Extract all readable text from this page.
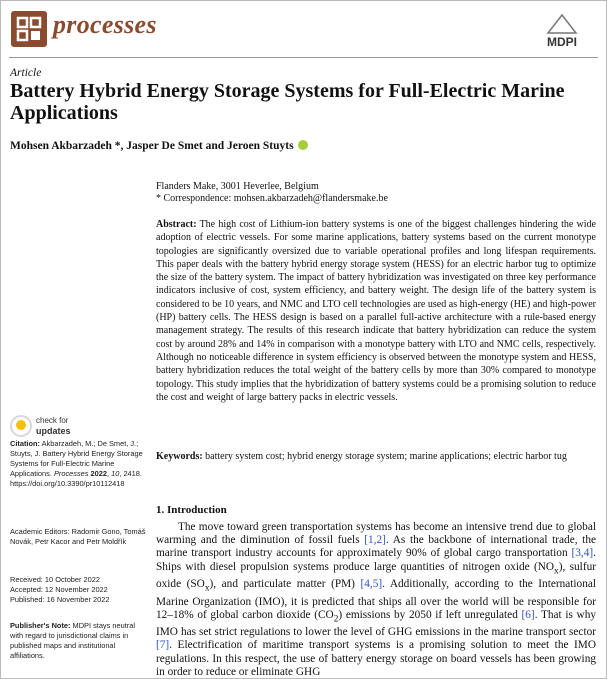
processes
MDPI
Article
Battery Hybrid Energy Storage Systems for Full-Electric Marine Applications
Mohsen Akbarzadeh *, Jasper De Smet and Jeroen Stuyts
Flanders Make, 3001 Heverlee, Belgium
* Correspondence: mohsen.akbarzadeh@flandersmake.be
Abstract: The high cost of Lithium-ion battery systems is one of the biggest challenges hindering the wide adoption of electric vessels. For some marine applications, battery systems based on the current monotype topologies are significantly oversized due to variable operational profiles and long lifespan requirements. This paper deals with the battery hybrid energy storage system (HESS) for an electric harbor tug to optimize the size of the battery system. The impact of battery hybridization was investigated on three key performance indicators inclusive of cost, system efficiency, and battery weight. The design life of the battery system is considered to be 10 years, and NMC and LTO cell technologies are used as high-energy (HE) and high-power (HP) battery cells. The HESS design is based on a parallel full-active architecture with a rule-based energy management strategy. The results of this research indicate that battery hybridization can reduce the system cost by around 28% and 14% in comparison with a monotype battery with LTO and NMC cells, respectively. Although no noticeable difference in system efficiency is observed between the monotype system and HESS, battery hybridization reduces the total weight of the battery cells by more than 30% compared to monotype topology. This study implies that the hybridization of battery systems could be a promising solution to reduce the cost and weight of large battery packs in electric vessels.
Keywords: battery system cost; hybrid energy storage system; marine applications; electric harbor tug
1. Introduction

The move toward green transportation systems has become an intensive trend due to global warming and the diminution of fossil fuels [1,2]. As the backbone of international trade, the marine transport industry accounts for approximately 90% of global cargo transportation [3,4]. Ships with diesel propulsion systems produce large quantities of nitrogen oxide $(NO_x)$, sulfur oxide $(SO_x)$, and particulate matter (PM) [4,5]. Additionally, according to the International Marine Organization (IMO), it is predicted that ships all over the world will be responsible for 12–18% of global carbon dioxide $(CO_2)$ emissions by 2050 if left unregulated [6]. That is why IMO has set strict regulations to lower the level of GHG emissions in the marine transport sector [7]. Electrification of maritime transport systems is a promising solution to meet the IMO regulations. In this respect, the use of battery energy storage on board vessels has been growing in order to reduce or eliminate GHG

check for
updates
Citation: Akbarzadeh, M.; De Smet, J.; Stuyts, J. Battery Hybrid Energy Storage Systems for Full-Electric Marine Applications. Processes 2022, 10, 2418. https://doi.org/10.3390/pr10112418
Academic Editors: Radomir Gono, Tomáš Novák, Petr Kacor and Petr Moldřík
Received: 10 October 2022
Accepted: 12 November 2022
Published: 16 November 2022
Publisher's Note: MDPI stays neutral with regard to jurisdictional claims in published maps and institutional affiliations.
